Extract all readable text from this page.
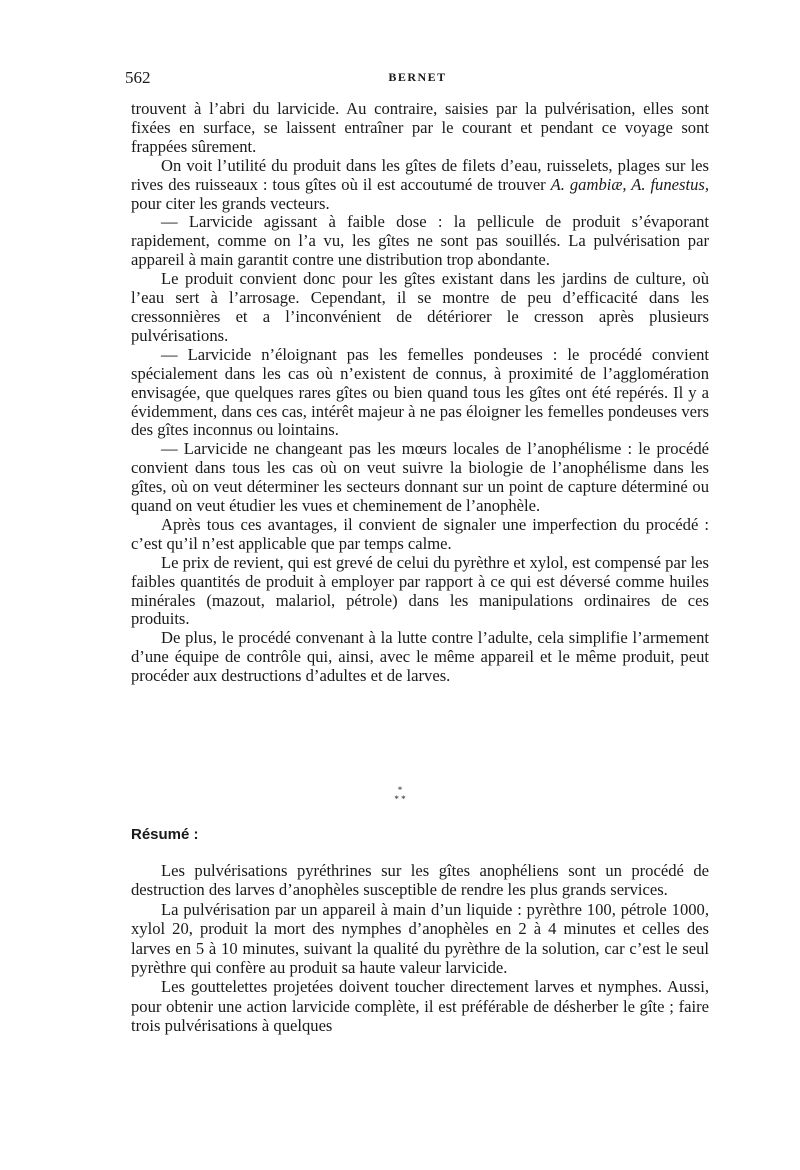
562	BERNET

trouvent à l’abri du larvicide. Au contraire, saisies par la pulvérisation, elles sont fixées en surface, se laissent entraîner par le courant et pendant ce voyage sont frappées sûrement.

On voit l’utilité du produit dans les gîtes de filets d’eau, ruisselets, plages sur les rives des ruisseaux : tous gîtes où il est accoutumé de trouver A. gambiæ, A. funestus, pour citer les grands vecteurs.

— Larvicide agissant à faible dose : la pellicule de produit s’évaporant rapidement, comme on l’a vu, les gîtes ne sont pas souillés. La pulvérisation par appareil à main garantit contre une distribution trop abondante.

Le produit convient donc pour les gîtes existant dans les jardins de culture, où l’eau sert à l’arrosage. Cependant, il se montre de peu d’efficacité dans les cressonnières et a l’inconvénient de détériorer le cresson après plusieurs pulvérisations.

— Larvicide n’éloignant pas les femelles pondeuses : le procédé convient spécialement dans les cas où n’existent de connus, à proximité de l’agglomération envisagée, que quelques rares gîtes ou bien quand tous les gîtes ont été repérés. Il y a évidemment, dans ces cas, intérêt majeur à ne pas éloigner les femelles pondeuses vers des gîtes inconnus ou lointains.

— Larvicide ne changeant pas les mœurs locales de l’anophélisme : le procédé convient dans tous les cas où on veut suivre la biologie de l’anophélisme dans les gîtes, où on veut déterminer les secteurs donnant sur un point de capture déterminé ou quand on veut étudier les vues et cheminement de l’anophèle.

Après tous ces avantages, il convient de signaler une imperfection du procédé : c’est qu’il n’est applicable que par temps calme.

Le prix de revient, qui est grevé de celui du pyrèthre et xylol, est compensé par les faibles quantités de produit à employer par rapport à ce qui est déversé comme huiles minérales (mazout, malariol, pétrole) dans les manipulations ordinaires de ces produits.

De plus, le procédé convenant à la lutte contre l’adulte, cela simplifie l’armement d’une équipe de contrôle qui, ainsi, avec le même appareil et le même produit, peut procéder aux destructions d’adultes et de larves.

*
* *
Résumé :

Les pulvérisations pyréthrines sur les gîtes anophéliens sont un procédé de destruction des larves d’anophèles susceptible de rendre les plus grands services.

La pulvérisation par un appareil à main d’un liquide : pyrèthre 100, pétrole 1000, xylol 20, produit la mort des nymphes d’anophèles en 2 à 4 minutes et celles des larves en 5 à 10 minutes, suivant la qualité du pyrèthre de la solution, car c’est le seul pyrèthre qui confère au produit sa haute valeur larvicide.

Les gouttelettes projetées doivent toucher directement larves et nymphes. Aussi, pour obtenir une action larvicide complète, il est préférable de désherber le gîte ; faire trois pulvérisations à quelques
